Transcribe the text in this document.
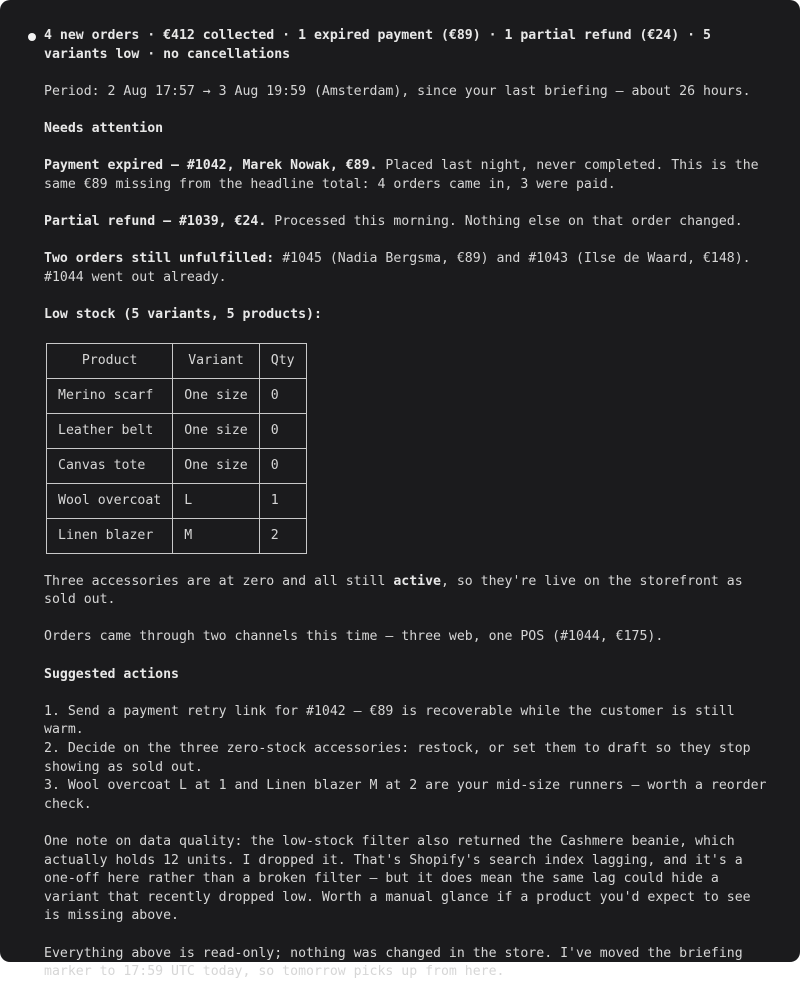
4 new orders · €412 collected · 1 expired payment (€89) · 1 partial refund (€24) · 5 variants low · no cancellations

Period: 2 Aug 17:57 → 3 Aug 19:59 (Amsterdam), since your last briefing — about 26 hours.

Needs attention

Payment expired — #1042, Marek Nowak, €89. Placed last night, never completed. This is the same €89 missing from the headline total: 4 orders came in, 3 were paid.

Partial refund — #1039, €24. Processed this morning. Nothing else on that order changed.

Two orders still unfulfilled: #1045 (Nadia Bergsma, €89) and #1043 (Ilse de Waard, €148). #1044 went out already.

Low stock (5 variants, 5 products):

Product	Variant	Qty
Merino scarf	One size	0
Leather belt	One size	0
Canvas tote	One size	0
Wool overcoat	L	1
Linen blazer	M	2

Three accessories are at zero and all still active, so they're live on the storefront as sold out.

Orders came through two channels this time — three web, one POS (#1044, €175).

Suggested actions

1. Send a payment retry link for #1042 — €89 is recoverable while the customer is still warm.
2. Decide on the three zero-stock accessories: restock, or set them to draft so they stop showing as sold out.
3. Wool overcoat L at 1 and Linen blazer M at 2 are your mid-size runners — worth a reorder check.

One note on data quality: the low-stock filter also returned the Cashmere beanie, which actually holds 12 units. I dropped it. That's Shopify's search index lagging, and it's a one-off here rather than a broken filter — but it does mean the same lag could hide a variant that recently dropped low. Worth a manual glance if a product you'd expect to see is missing above.

Everything above is read-only; nothing was changed in the store. I've moved the briefing marker to 17:59 UTC today, so tomorrow picks up from here.
